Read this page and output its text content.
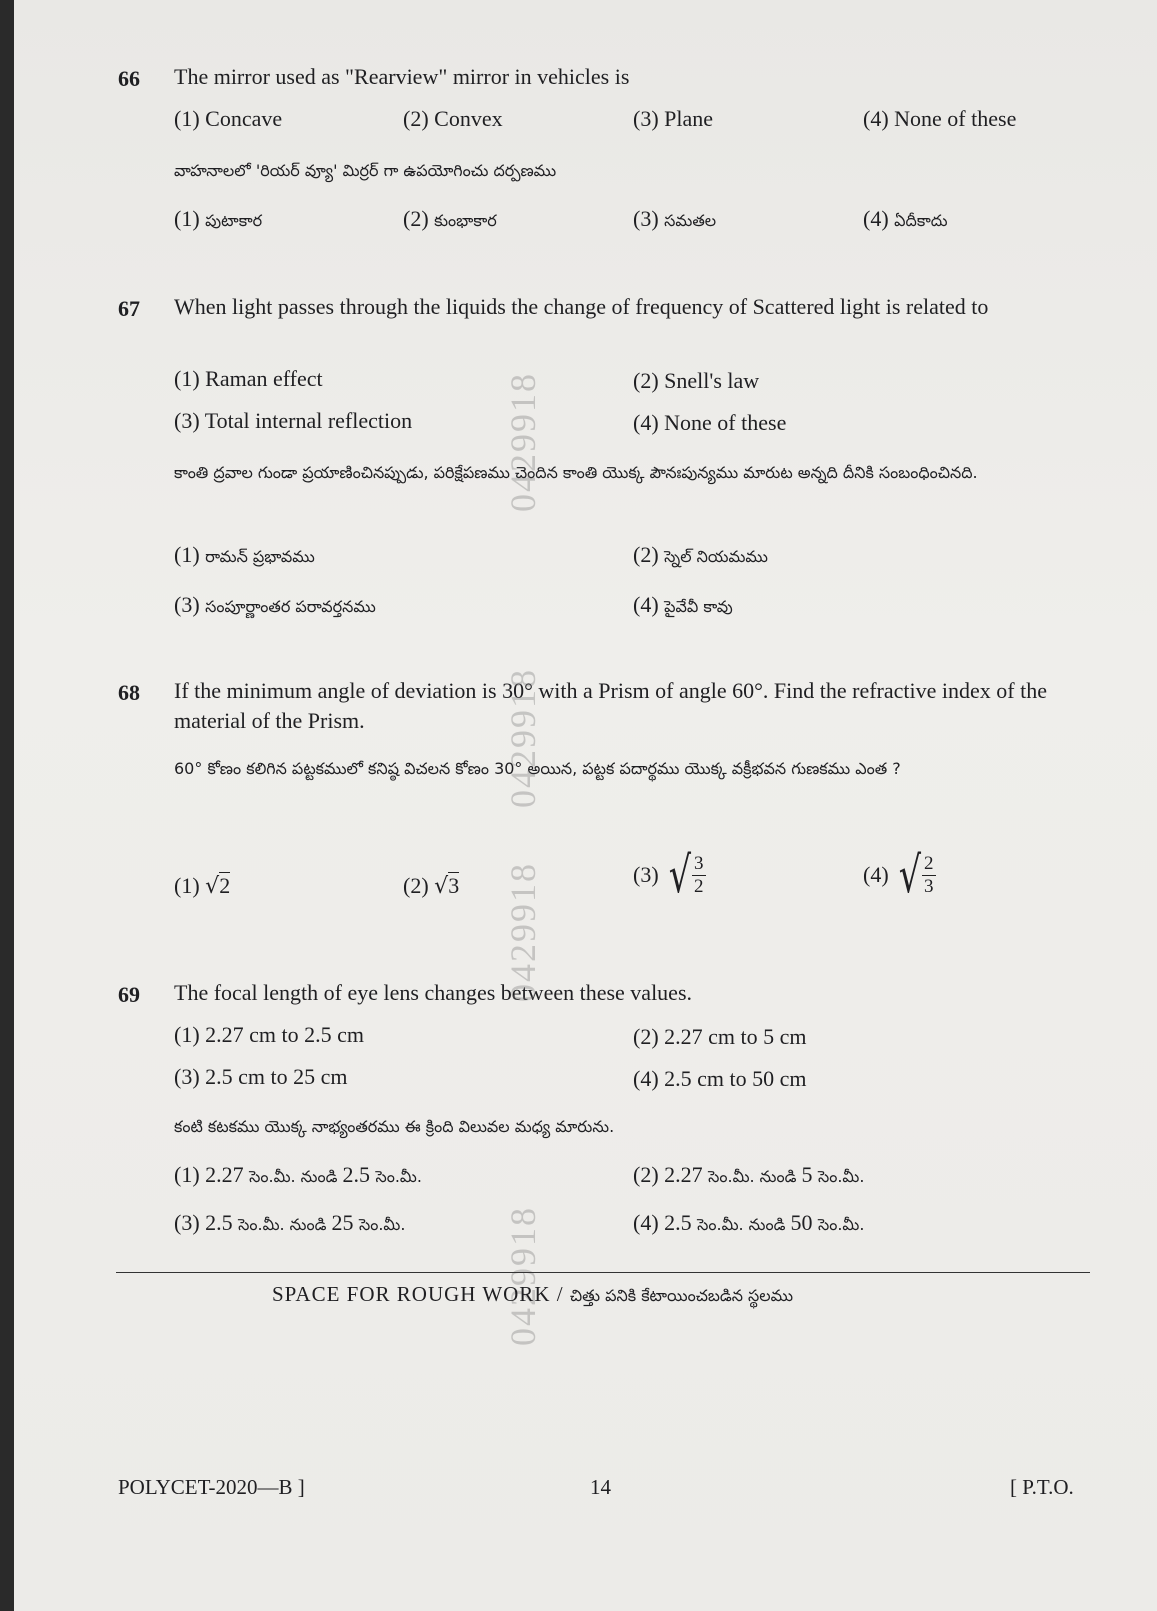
66 The mirror used as "Rearview" mirror in vehicles is
(1) Concave	(2) Convex	(3) Plane	(4) None of these
వాహనాలలో 'రియర్ వ్యూ' మిర్రర్ గా ఉపయోగించు దర్పణము
(1) పుటాకార	(2) కుంభాకార	(3) సమతల	(4) ఏదీకాదు
67 When light passes through the liquids the change of frequency of Scattered light is related to
(1) Raman effect	(2) Snell's law
(3) Total internal reflection	(4) None of these
కాంతి ద్రవాల గుండా ప్రయాణించినప్పుడు, పరిక్షేపణము చెందిన కాంతి యొక్క పౌనఃపున్యము మారుట అన్నది దీనికి సంబంధించినది.
(1) రామన్ ప్రభావము	(2) స్నెల్ నియమము
(3) సంపూర్ణాంతర పరావర్తనము	(4) పైవేవీ కావు
68 If the minimum angle of deviation is 30° with a Prism of angle 60°. Find the refractive index of the material of the Prism.
60° కోణం కలిగిన పట్టకములో కనిష్ఠ విచలన కోణం 30° అయిన, పట్టక పదార్థము యొక్క వక్రీభవన గుణకము ఎంత ?
(1) √2	(2) √3	(3) √ $\frac{3}{2}$	(4) √ $\frac{2}{3}$
69 The focal length of eye lens changes between these values.
(1) 2.27 cm to 2.5 cm	(2) 2.27 cm to 5 cm
(3) 2.5 cm to 25 cm	(4) 2.5 cm to 50 cm
కంటి కటకము యొక్క నాభ్యంతరము ఈ క్రింది విలువల మధ్య మారును.
(1) 2.27 సెం.మీ. నుండి 2.5 సెం.మీ.	(2) 2.27 సెం.మీ. నుండి 5 సెం.మీ.
(3) 2.5 సెం.మీ. నుండి 25 సెం.మీ.	(4) 2.5 సెం.మీ. నుండి 50 సెం.మీ.
0429918
0429918
0429918
0429918
SPACE FOR ROUGH WORK / చిత్తు పనికి కేటాయించబడిన స్థలము
POLYCET-2020—B ]	14	[ P.T.O.
